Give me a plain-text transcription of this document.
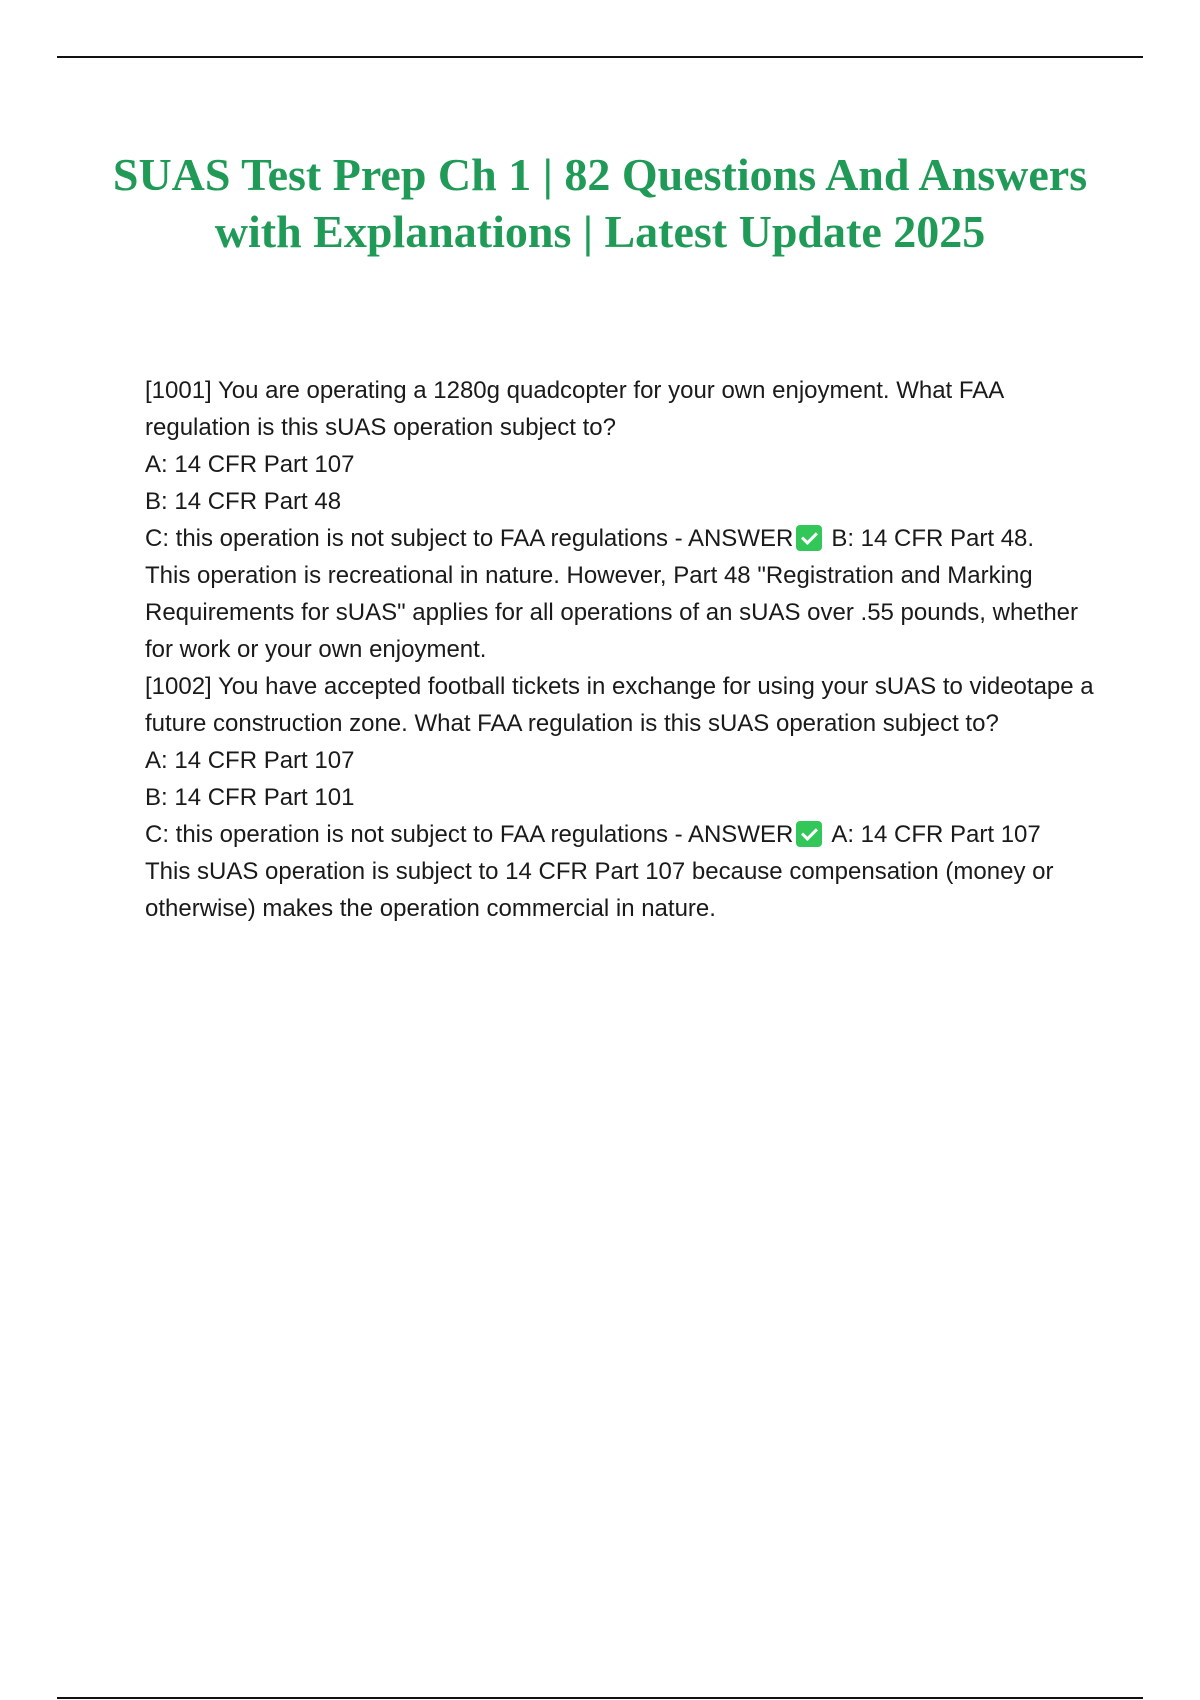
SUAS Test Prep Ch 1 | 82 Questions And Answers with Explanations | Latest Update 2025

[1001] You are operating a 1280g quadcopter for your own enjoyment. What FAA regulation is this sUAS operation subject to?

A: 14 CFR Part 107

B: 14 CFR Part 48

C: this operation is not subject to FAA regulations - ANSWER B: 14 CFR Part 48.

This operation is recreational in nature. However, Part 48 "Registration and Marking Requirements for sUAS" applies for all operations of an sUAS over .55 pounds, whether for work or your own enjoyment.

[1002] You have accepted football tickets in exchange for using your sUAS to videotape a future construction zone. What FAA regulation is this sUAS operation subject to?

A: 14 CFR Part 107

B: 14 CFR Part 101

C: this operation is not subject to FAA regulations - ANSWER A: 14 CFR Part 107

This sUAS operation is subject to 14 CFR Part 107 because compensation (money or otherwise) makes the operation commercial in nature.
